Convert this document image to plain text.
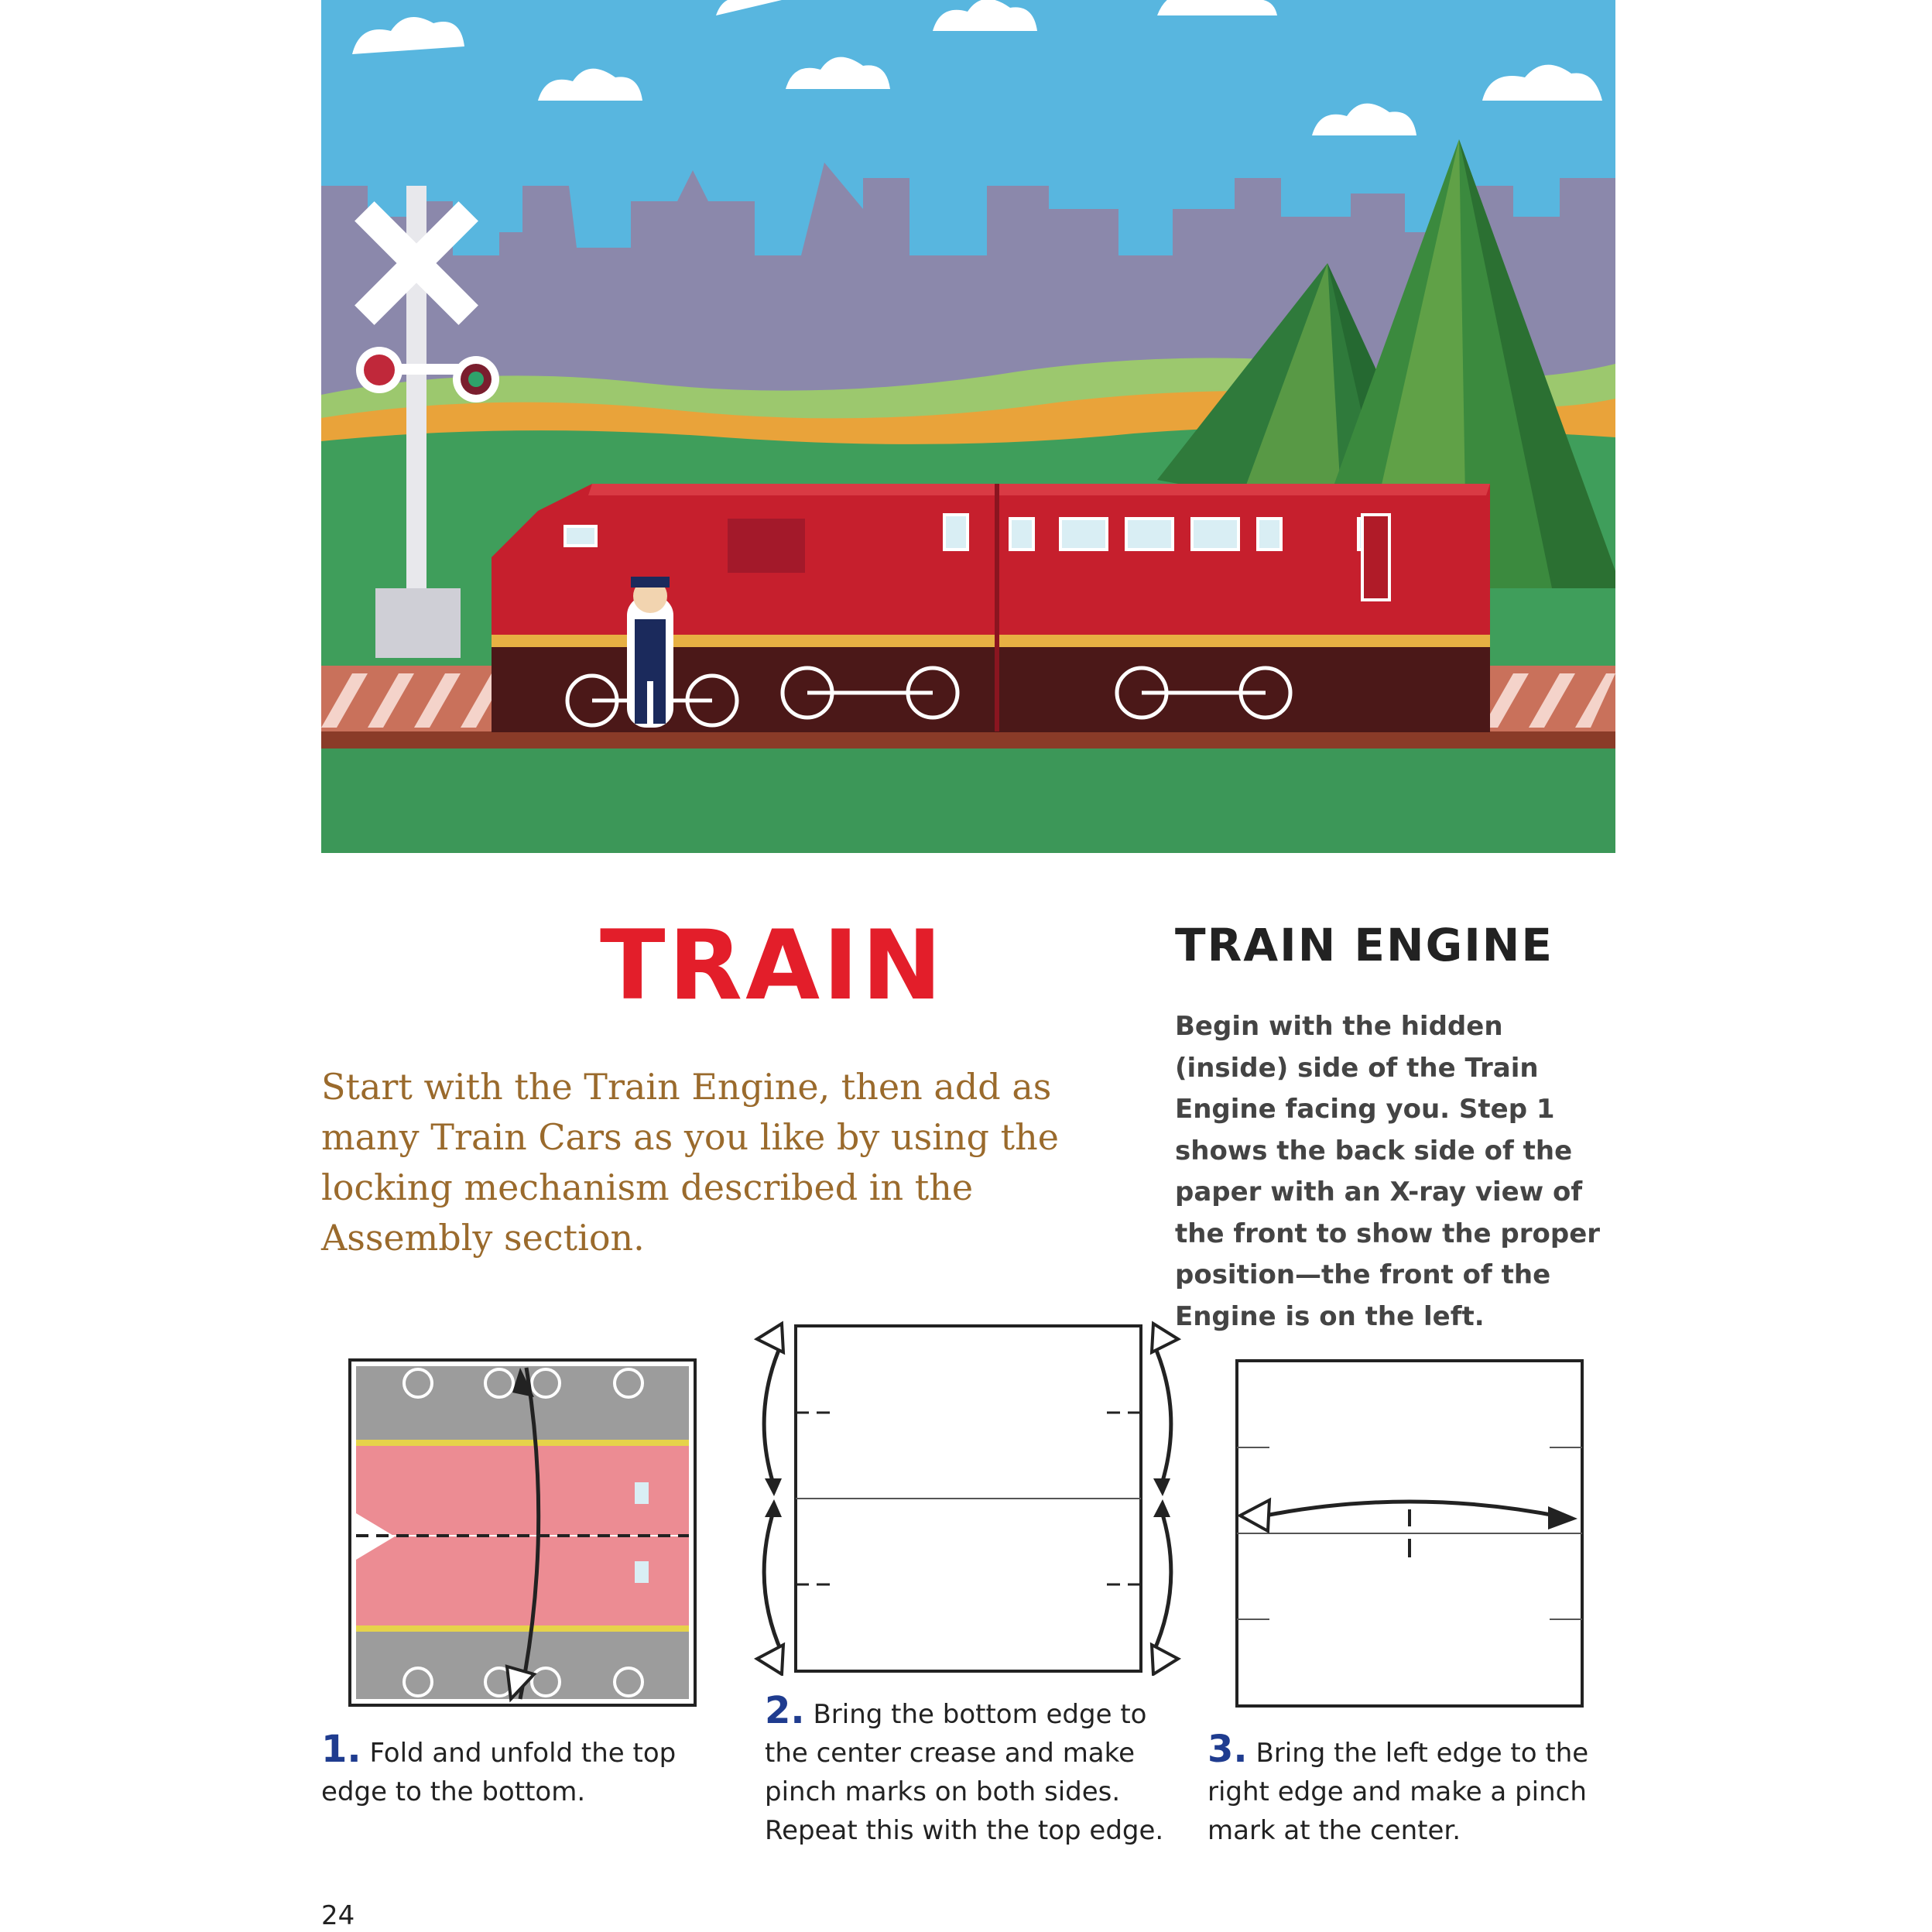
TRAIN

Start with the Train Engine, then add as many Train Cars as you like by using the locking mechanism described in the Assembly section.

TRAIN ENGINE

Begin with the hidden (inside) side of the Train Engine facing you. Step 1 shows the back side of the paper with an X-ray view of the front to show the proper position—the front of the Engine is on the left.

1. Fold and unfold the top edge to the bottom.

2. Bring the bottom edge to the center crease and make pinch marks on both sides. Repeat this with the top edge.

3. Bring the left edge to the right edge and make a pinch mark at the center.

24
